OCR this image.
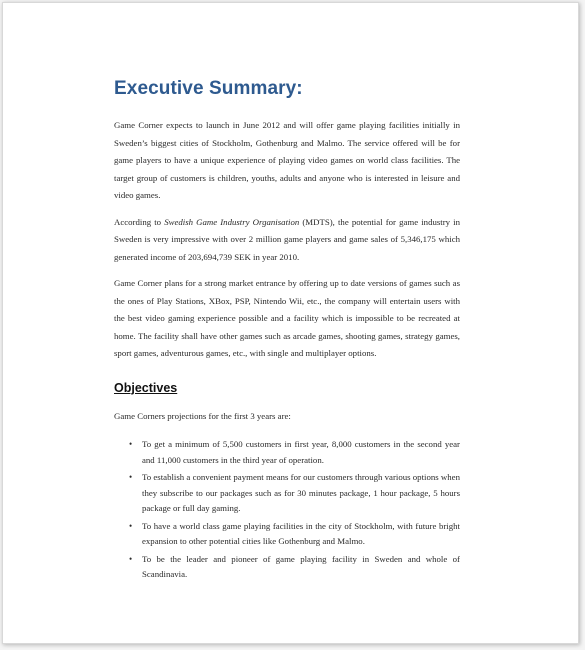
Executive Summary:

Game Corner expects to launch in June 2012 and will offer game playing facilities initially in Sweden’s biggest cities of Stockholm, Gothenburg and Malmo. The service offered will be for game players to have a unique experience of playing video games on world class facilities. The target group of customers is children, youths, adults and anyone who is interested in leisure and video games.

According to Swedish Game Industry Organisation (MDTS), the potential for game industry in Sweden is very impressive with over 2 million game players and game sales of 5,346,175 which generated income of 203,694,739 SEK in year 2010.

Game Corner plans for a strong market entrance by offering up to date versions of games such as the ones of Play Stations, XBox, PSP, Nintendo Wii, etc., the company will entertain users with the best video gaming experience possible and a facility which is impossible to be recreated at home. The facility shall have other games such as arcade games, shooting games, strategy games, sport games, adventurous games, etc., with single and multiplayer options.

Objectives

Game Corners projections for the first 3 years are:

• To get a minimum of 5,500 customers in first year, 8,000 customers in the second year and 11,000 customers in the third year of operation.
• To establish a convenient payment means for our customers through various options when they subscribe to our packages such as for 30 minutes package, 1 hour package, 5 hours package or full day gaming.
• To have a world class game playing facilities in the city of Stockholm, with future bright expansion to other potential cities like Gothenburg and Malmo.
• To be the leader and pioneer of game playing facility in Sweden and whole of Scandinavia.
